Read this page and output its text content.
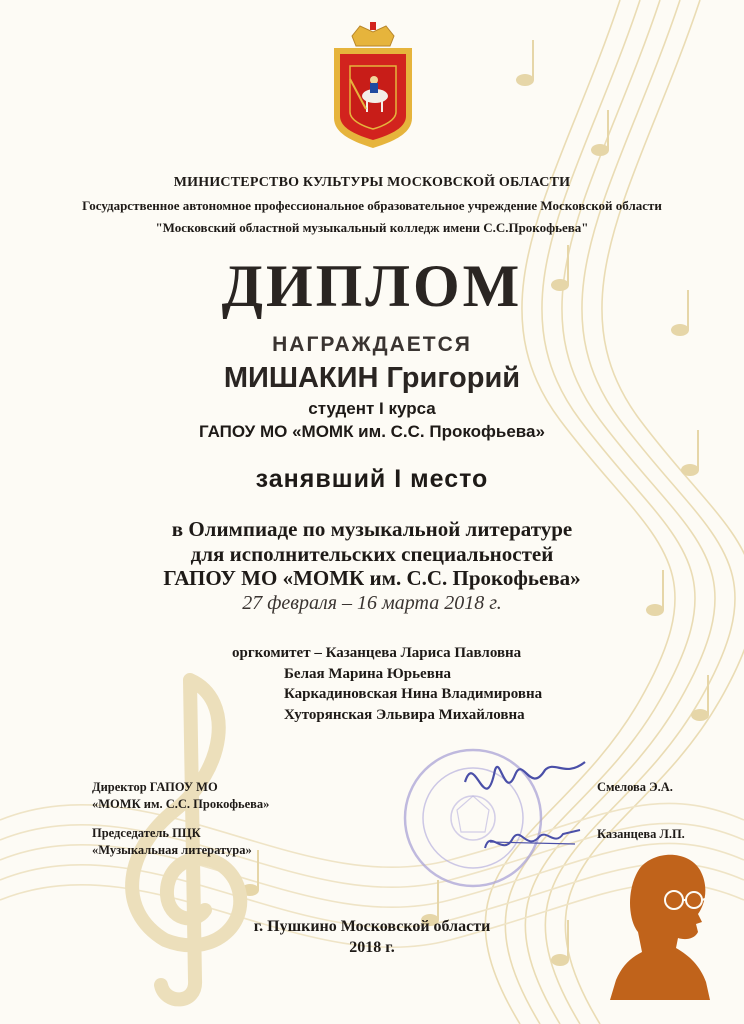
МИНИСТЕРСТВО КУЛЬТУРЫ МОСКОВСКОЙ ОБЛАСТИ
Государственное автономное профессиональное образовательное учреждение Московской области
"Московский областной музыкальный колледж имени С.С.Прокофьева"
ДИПЛОМ
НАГРАЖДАЕТСЯ
МИШАКИН Григорий
студент I курса
ГАПОУ МО «МОМК им. С.С. Прокофьева»
занявший I место
в Олимпиаде по музыкальной литературе
для исполнительских специальностей
ГАПОУ МО «МОМК им. С.С. Прокофьева»
27 февраля – 16 марта 2018 г.
оргкомитет – Казанцева Лариса Павловна
Белая Марина Юрьевна
Каркадиновская Нина Владимировна
Хуторянская Эльвира Михайловна
Директор ГАПОУ МО
«МОМК им. С.С. Прокофьева»
Смелова Э.А.
Председатель ПЦК
«Музыкальная литература»
Казанцева Л.П.
г. Пушкино Московской области
2018 г.
